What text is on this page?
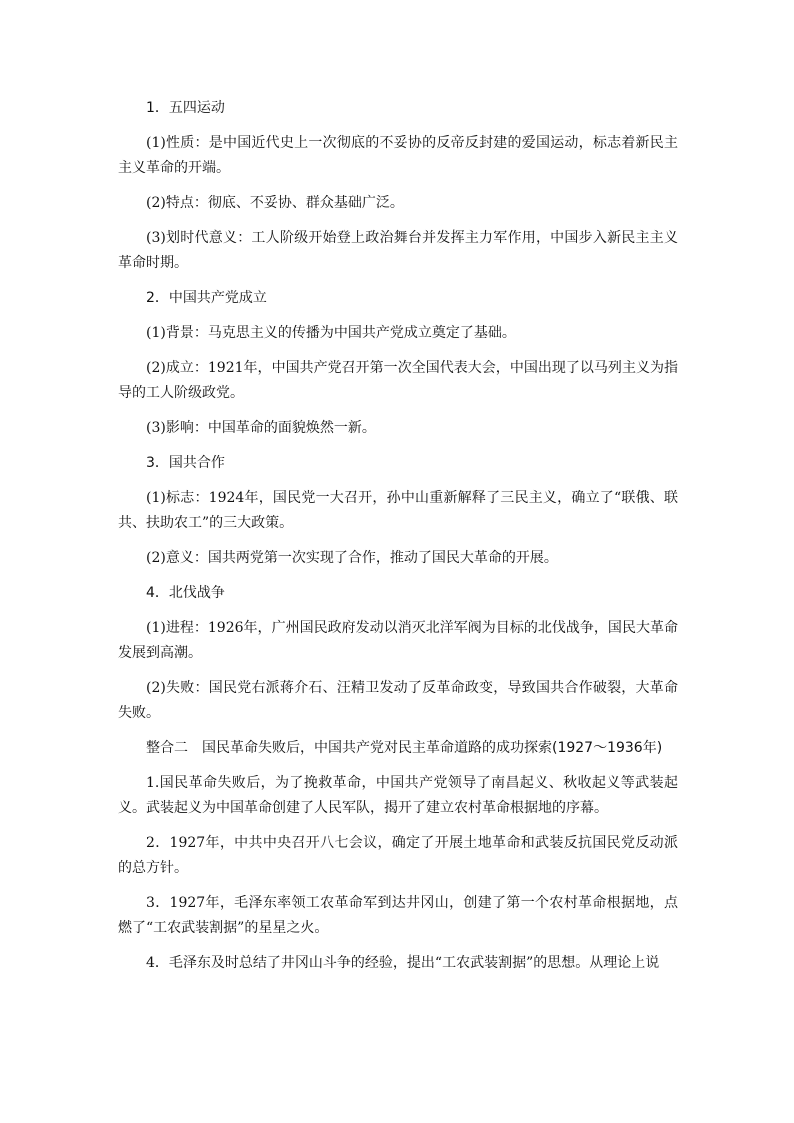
1．五四运动

(1)性质：是中国近代史上一次彻底的不妥协的反帝反封建的爱国运动，标志着新民主主义革命的开端。

(2)特点：彻底、不妥协、群众基础广泛。

(3)划时代意义：工人阶级开始登上政治舞台并发挥主力军作用，中国步入新民主主义革命时期。

2．中国共产党成立

(1)背景：马克思主义的传播为中国共产党成立奠定了基础。

(2)成立：1921年，中国共产党召开第一次全国代表大会，中国出现了以马列主义为指导的工人阶级政党。

(3)影响：中国革命的面貌焕然一新。

3．国共合作

(1)标志：1924年，国民党一大召开，孙中山重新解释了三民主义，确立了“联俄、联共、扶助农工”的三大政策。

(2)意义：国共两党第一次实现了合作，推动了国民大革命的开展。

4．北伐战争

(1)进程：1926年，广州国民政府发动以消灭北洋军阀为目标的北伐战争，国民大革命发展到高潮。

(2)失败：国民党右派蒋介石、汪精卫发动了反革命政变，导致国共合作破裂，大革命失败。

整合二　国民革命失败后，中国共产党对民主革命道路的成功探索(1927～1936年)

1.国民革命失败后，为了挽救革命，中国共产党领导了南昌起义、秋收起义等武装起义。武装起义为中国革命创建了人民军队，揭开了建立农村革命根据地的序幕。

2．1927年，中共中央召开八七会议，确定了开展土地革命和武装反抗国民党反动派的总方针。

3．1927年，毛泽东率领工农革命军到达井冈山，创建了第一个农村革命根据地，点燃了“工农武装割据”的星星之火。

4．毛泽东及时总结了井冈山斗争的经验，提出“工农武装割据”的思想。从理论上说
